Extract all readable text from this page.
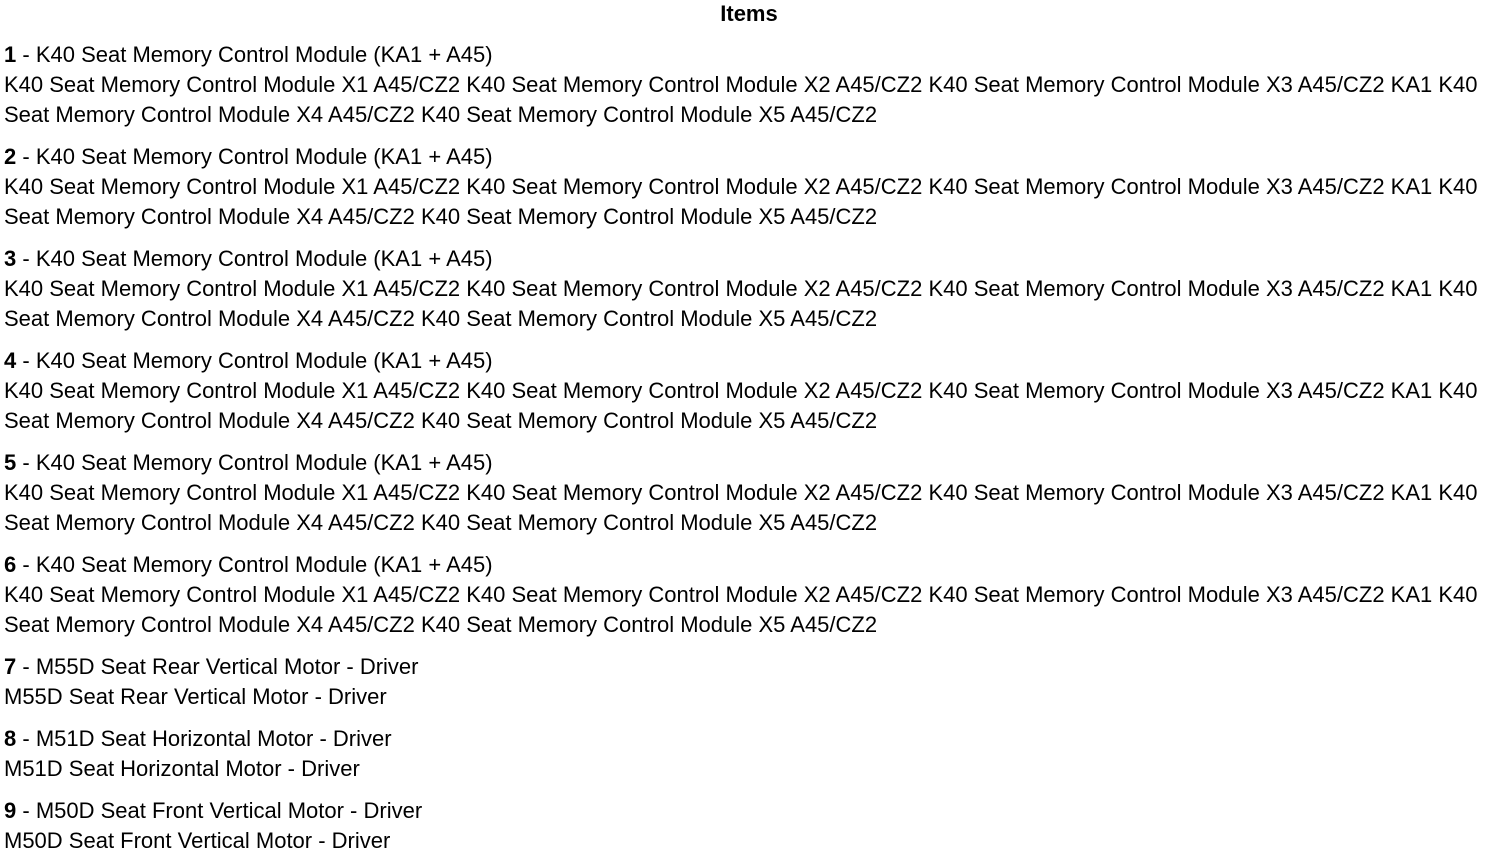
Items
1 - K40 Seat Memory Control Module (KA1 + A45)
K40 Seat Memory Control Module X1 A45/CZ2 K40 Seat Memory Control Module X2 A45/CZ2 K40 Seat Memory Control Module X3 A45/CZ2 KA1 K40 Seat Memory Control Module X4 A45/CZ2 K40 Seat Memory Control Module X5 A45/CZ2
2 - K40 Seat Memory Control Module (KA1 + A45)
K40 Seat Memory Control Module X1 A45/CZ2 K40 Seat Memory Control Module X2 A45/CZ2 K40 Seat Memory Control Module X3 A45/CZ2 KA1 K40 Seat Memory Control Module X4 A45/CZ2 K40 Seat Memory Control Module X5 A45/CZ2
3 - K40 Seat Memory Control Module (KA1 + A45)
K40 Seat Memory Control Module X1 A45/CZ2 K40 Seat Memory Control Module X2 A45/CZ2 K40 Seat Memory Control Module X3 A45/CZ2 KA1 K40 Seat Memory Control Module X4 A45/CZ2 K40 Seat Memory Control Module X5 A45/CZ2
4 - K40 Seat Memory Control Module (KA1 + A45)
K40 Seat Memory Control Module X1 A45/CZ2 K40 Seat Memory Control Module X2 A45/CZ2 K40 Seat Memory Control Module X3 A45/CZ2 KA1 K40 Seat Memory Control Module X4 A45/CZ2 K40 Seat Memory Control Module X5 A45/CZ2
5 - K40 Seat Memory Control Module (KA1 + A45)
K40 Seat Memory Control Module X1 A45/CZ2 K40 Seat Memory Control Module X2 A45/CZ2 K40 Seat Memory Control Module X3 A45/CZ2 KA1 K40 Seat Memory Control Module X4 A45/CZ2 K40 Seat Memory Control Module X5 A45/CZ2
6 - K40 Seat Memory Control Module (KA1 + A45)
K40 Seat Memory Control Module X1 A45/CZ2 K40 Seat Memory Control Module X2 A45/CZ2 K40 Seat Memory Control Module X3 A45/CZ2 KA1 K40 Seat Memory Control Module X4 A45/CZ2 K40 Seat Memory Control Module X5 A45/CZ2
7 - M55D Seat Rear Vertical Motor - Driver
M55D Seat Rear Vertical Motor - Driver
8 - M51D Seat Horizontal Motor - Driver
M51D Seat Horizontal Motor - Driver
9 - M50D Seat Front Vertical Motor - Driver
M50D Seat Front Vertical Motor - Driver
